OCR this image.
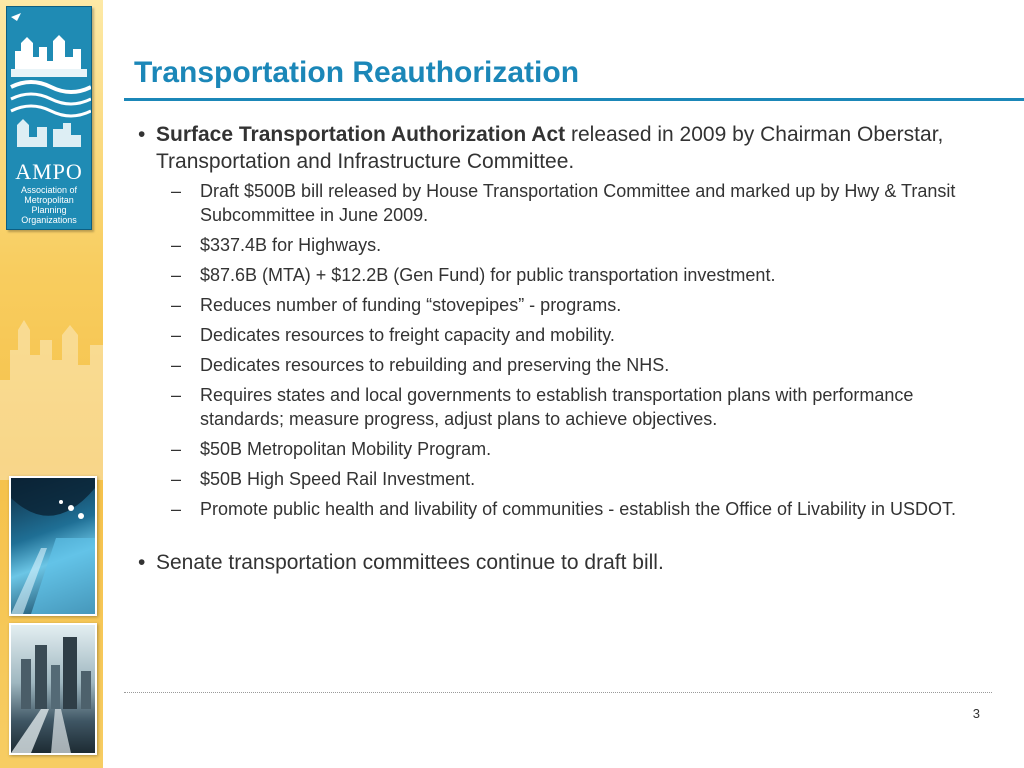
AMPO
Association of
Metropolitan
Planning
Organizations
Transportation Reauthorization
• Surface Transportation Authorization Act released in 2009 by Chairman Oberstar, Transportation and Infrastructure Committee.
– Draft $500B bill released by House Transportation Committee and marked up by Hwy & Transit Subcommittee in June 2009.
– $337.4B for Highways.
– $87.6B (MTA) + $12.2B (Gen Fund) for public transportation investment.
– Reduces number of funding “stovepipes” - programs.
– Dedicates resources to freight capacity and mobility.
– Dedicates resources to rebuilding and preserving the NHS.
– Requires states and local governments to establish transportation plans with performance standards; measure progress, adjust plans to achieve objectives.
– $50B Metropolitan Mobility Program.
– $50B High Speed Rail Investment.
– Promote public health and livability of communities - establish the Office of Livability in USDOT.
• Senate transportation committees continue to draft bill.
3
